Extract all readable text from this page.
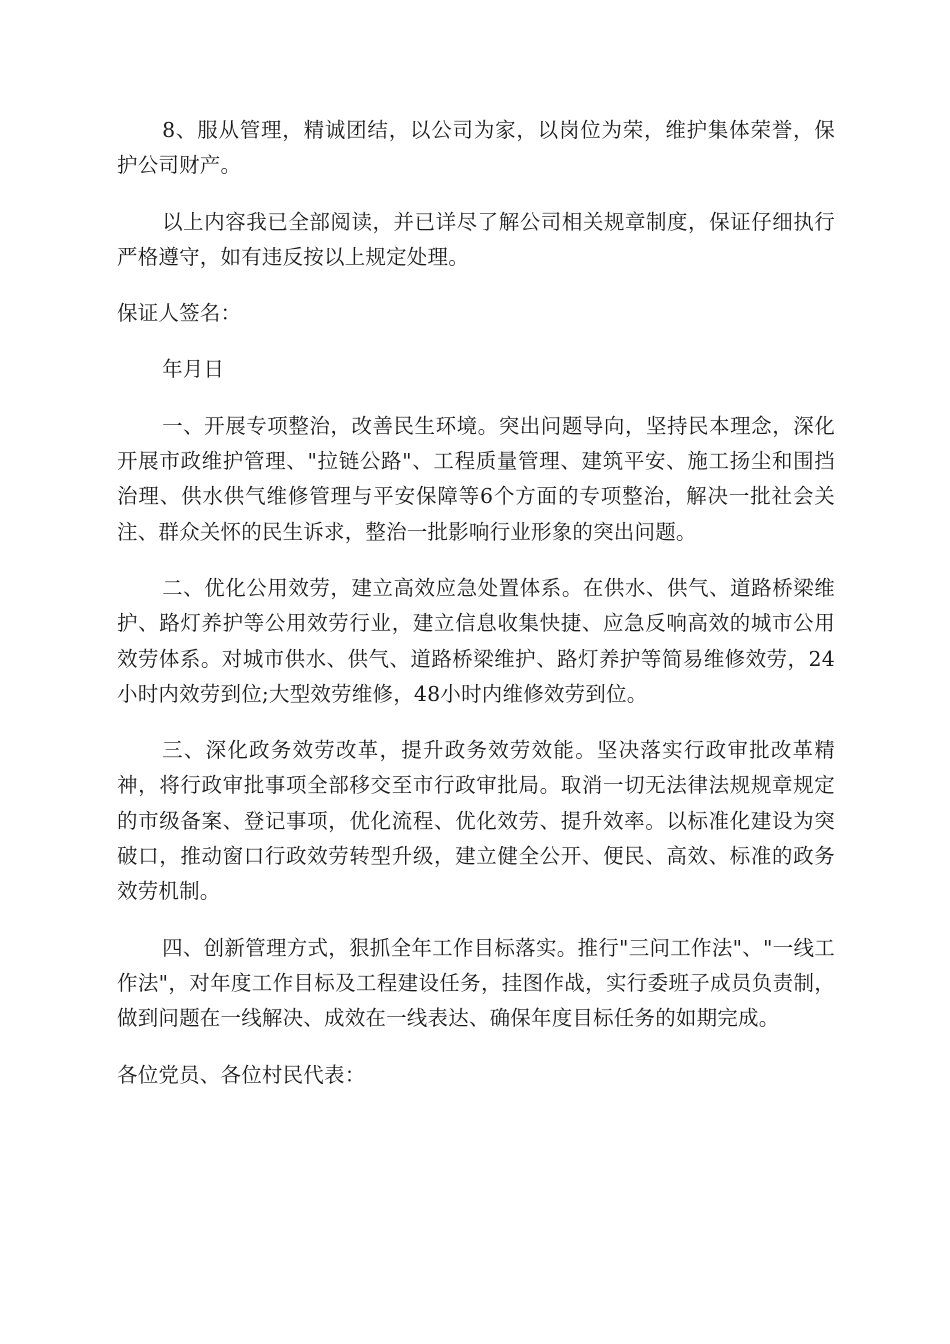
8、服从管理，精诚团结，以公司为家，以岗位为荣，维护集体荣誉，保护公司财产。

以上内容我已全部阅读，并已详尽了解公司相关规章制度，保证仔细执行严格遵守，如有违反按以上规定处理。

保证人签名：

年月日

一、开展专项整治，改善民生环境。突出问题导向，坚持民本理念，深化开展市政维护管理、"拉链公路"、工程质量管理、建筑平安、施工扬尘和围挡治理、供水供气维修管理与平安保障等6个方面的专项整治，解决一批社会关注、群众关怀的民生诉求，整治一批影响行业形象的突出问题。

二、优化公用效劳，建立高效应急处置体系。在供水、供气、道路桥梁维护、路灯养护等公用效劳行业，建立信息收集快捷、应急反响高效的城市公用效劳体系。对城市供水、供气、道路桥梁维护、路灯养护等简易维修效劳，24小时内效劳到位;大型效劳维修，48小时内维修效劳到位。

三、深化政务效劳改革，提升政务效劳效能。坚决落实行政审批改革精神，将行政审批事项全部移交至市行政审批局。取消一切无法律法规规章规定的市级备案、登记事项，优化流程、优化效劳、提升效率。以标准化建设为突破口，推动窗口行政效劳转型升级，建立健全公开、便民、高效、标准的政务效劳机制。

四、创新管理方式，狠抓全年工作目标落实。推行"三问工作法"、"一线工作法"，对年度工作目标及工程建设任务，挂图作战，实行委班子成员负责制，做到问题在一线解决、成效在一线表达、确保年度目标任务的如期完成。

各位党员、各位村民代表：
